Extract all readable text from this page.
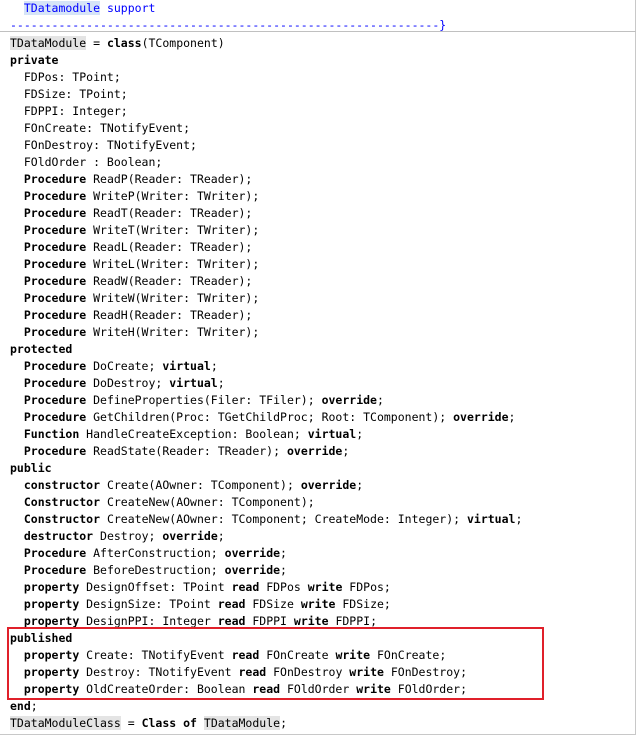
TDatamodule support
--------------------------------------------------------------}
TDataModule = class(TComponent)
private
FDPos: TPoint;
FDSize: TPoint;
FDPPI: Integer;
FOnCreate: TNotifyEvent;
FOnDestroy: TNotifyEvent;
FOldOrder : Boolean;
Procedure ReadP(Reader: TReader);
Procedure WriteP(Writer: TWriter);
Procedure ReadT(Reader: TReader);
Procedure WriteT(Writer: TWriter);
Procedure ReadL(Reader: TReader);
Procedure WriteL(Writer: TWriter);
Procedure ReadW(Reader: TReader);
Procedure WriteW(Writer: TWriter);
Procedure ReadH(Reader: TReader);
Procedure WriteH(Writer: TWriter);
protected
Procedure DoCreate; virtual;
Procedure DoDestroy; virtual;
Procedure DefineProperties(Filer: TFiler); override;
Procedure GetChildren(Proc: TGetChildProc; Root: TComponent); override;
Function HandleCreateException: Boolean; virtual;
Procedure ReadState(Reader: TReader); override;
public
constructor Create(AOwner: TComponent); override;
Constructor CreateNew(AOwner: TComponent);
Constructor CreateNew(AOwner: TComponent; CreateMode: Integer); virtual;
destructor Destroy; override;
Procedure AfterConstruction; override;
Procedure BeforeDestruction; override;
property DesignOffset: TPoint read FDPos write FDPos;
property DesignSize: TPoint read FDSize write FDSize;
property DesignPPI: Integer read FDPPI write FDPPI;
published
property Create: TNotifyEvent read FOnCreate write FOnCreate;
property Destroy: TNotifyEvent read FOnDestroy write FOnDestroy;
property OldCreateOrder: Boolean read FOldOrder write FOldOrder;
end;
TDataModuleClass = Class of TDataModule;
